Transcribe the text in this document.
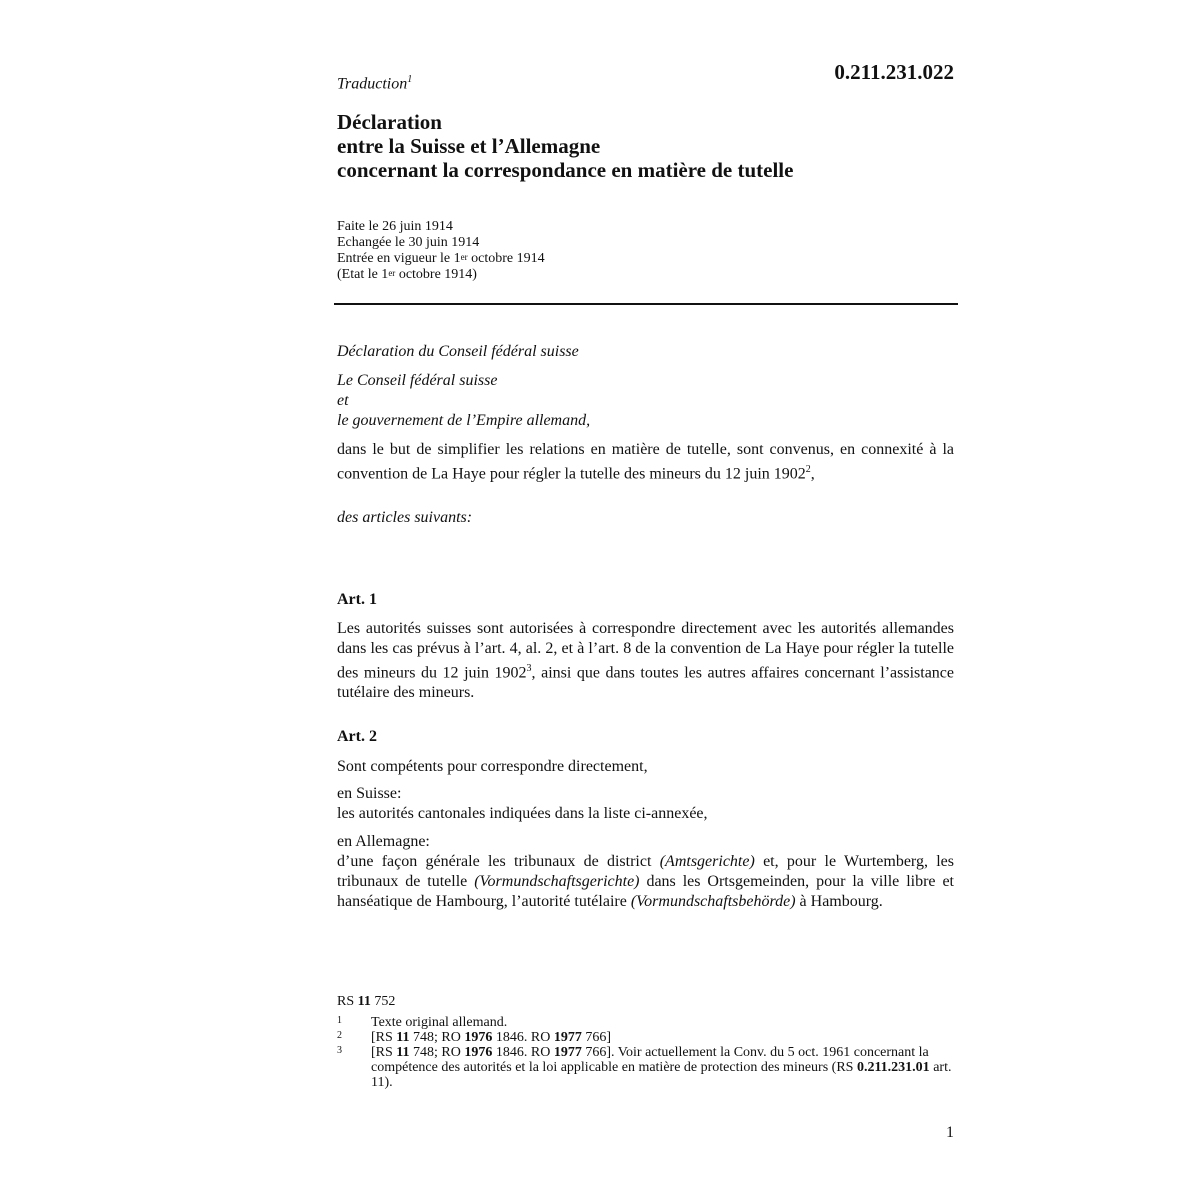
0.211.231.022
Traduction$^1$
Déclaration
entre la Suisse et l’Allemagne
concernant la correspondance en matière de tutelle
Faite le 26 juin 1914
Echangée le 30 juin 1914
Entrée en vigueur le 1er octobre 1914
(Etat le 1er octobre 1914)
Déclaration du Conseil fédéral suisse
Le Conseil fédéral suisse
et
le gouvernement de l’Empire allemand,
dans le but de simplifier les relations en matière de tutelle, sont convenus, en connexité à la convention de La Haye pour régler la tutelle des mineurs du 12 juin 1902$^2$,
des articles suivants:
Art. 1
Les autorités suisses sont autorisées à correspondre directement avec les autorités allemandes dans les cas prévus à l’art. 4, al. 2, et à l’art. 8 de la convention de La Haye pour régler la tutelle des mineurs du 12 juin 1902$^3$, ainsi que dans toutes les autres affaires concernant l’assistance tutélaire des mineurs.
Art. 2
Sont compétents pour correspondre directement,
en Suisse:
les autorités cantonales indiquées dans la liste ci-annexée,
en Allemagne:
d’une façon générale les tribunaux de district (Amtsgerichte) et, pour le Wurtemberg, les tribunaux de tutelle (Vormundschaftsgerichte) dans les Ortsgemeinden, pour la ville libre et hanséatique de Hambourg, l’autorité tutélaire (Vormundschaftsbehörde) à Hambourg.
RS 11 752
1 Texte original allemand.
2 [RS 11 748; RO 1976 1846. RO 1977 766]
3 [RS 11 748; RO 1976 1846. RO 1977 766]. Voir actuellement la Conv. du 5 oct. 1961 concernant la compétence des autorités et la loi applicable en matière de protection des mineurs (RS 0.211.231.01 art. 11).
1
